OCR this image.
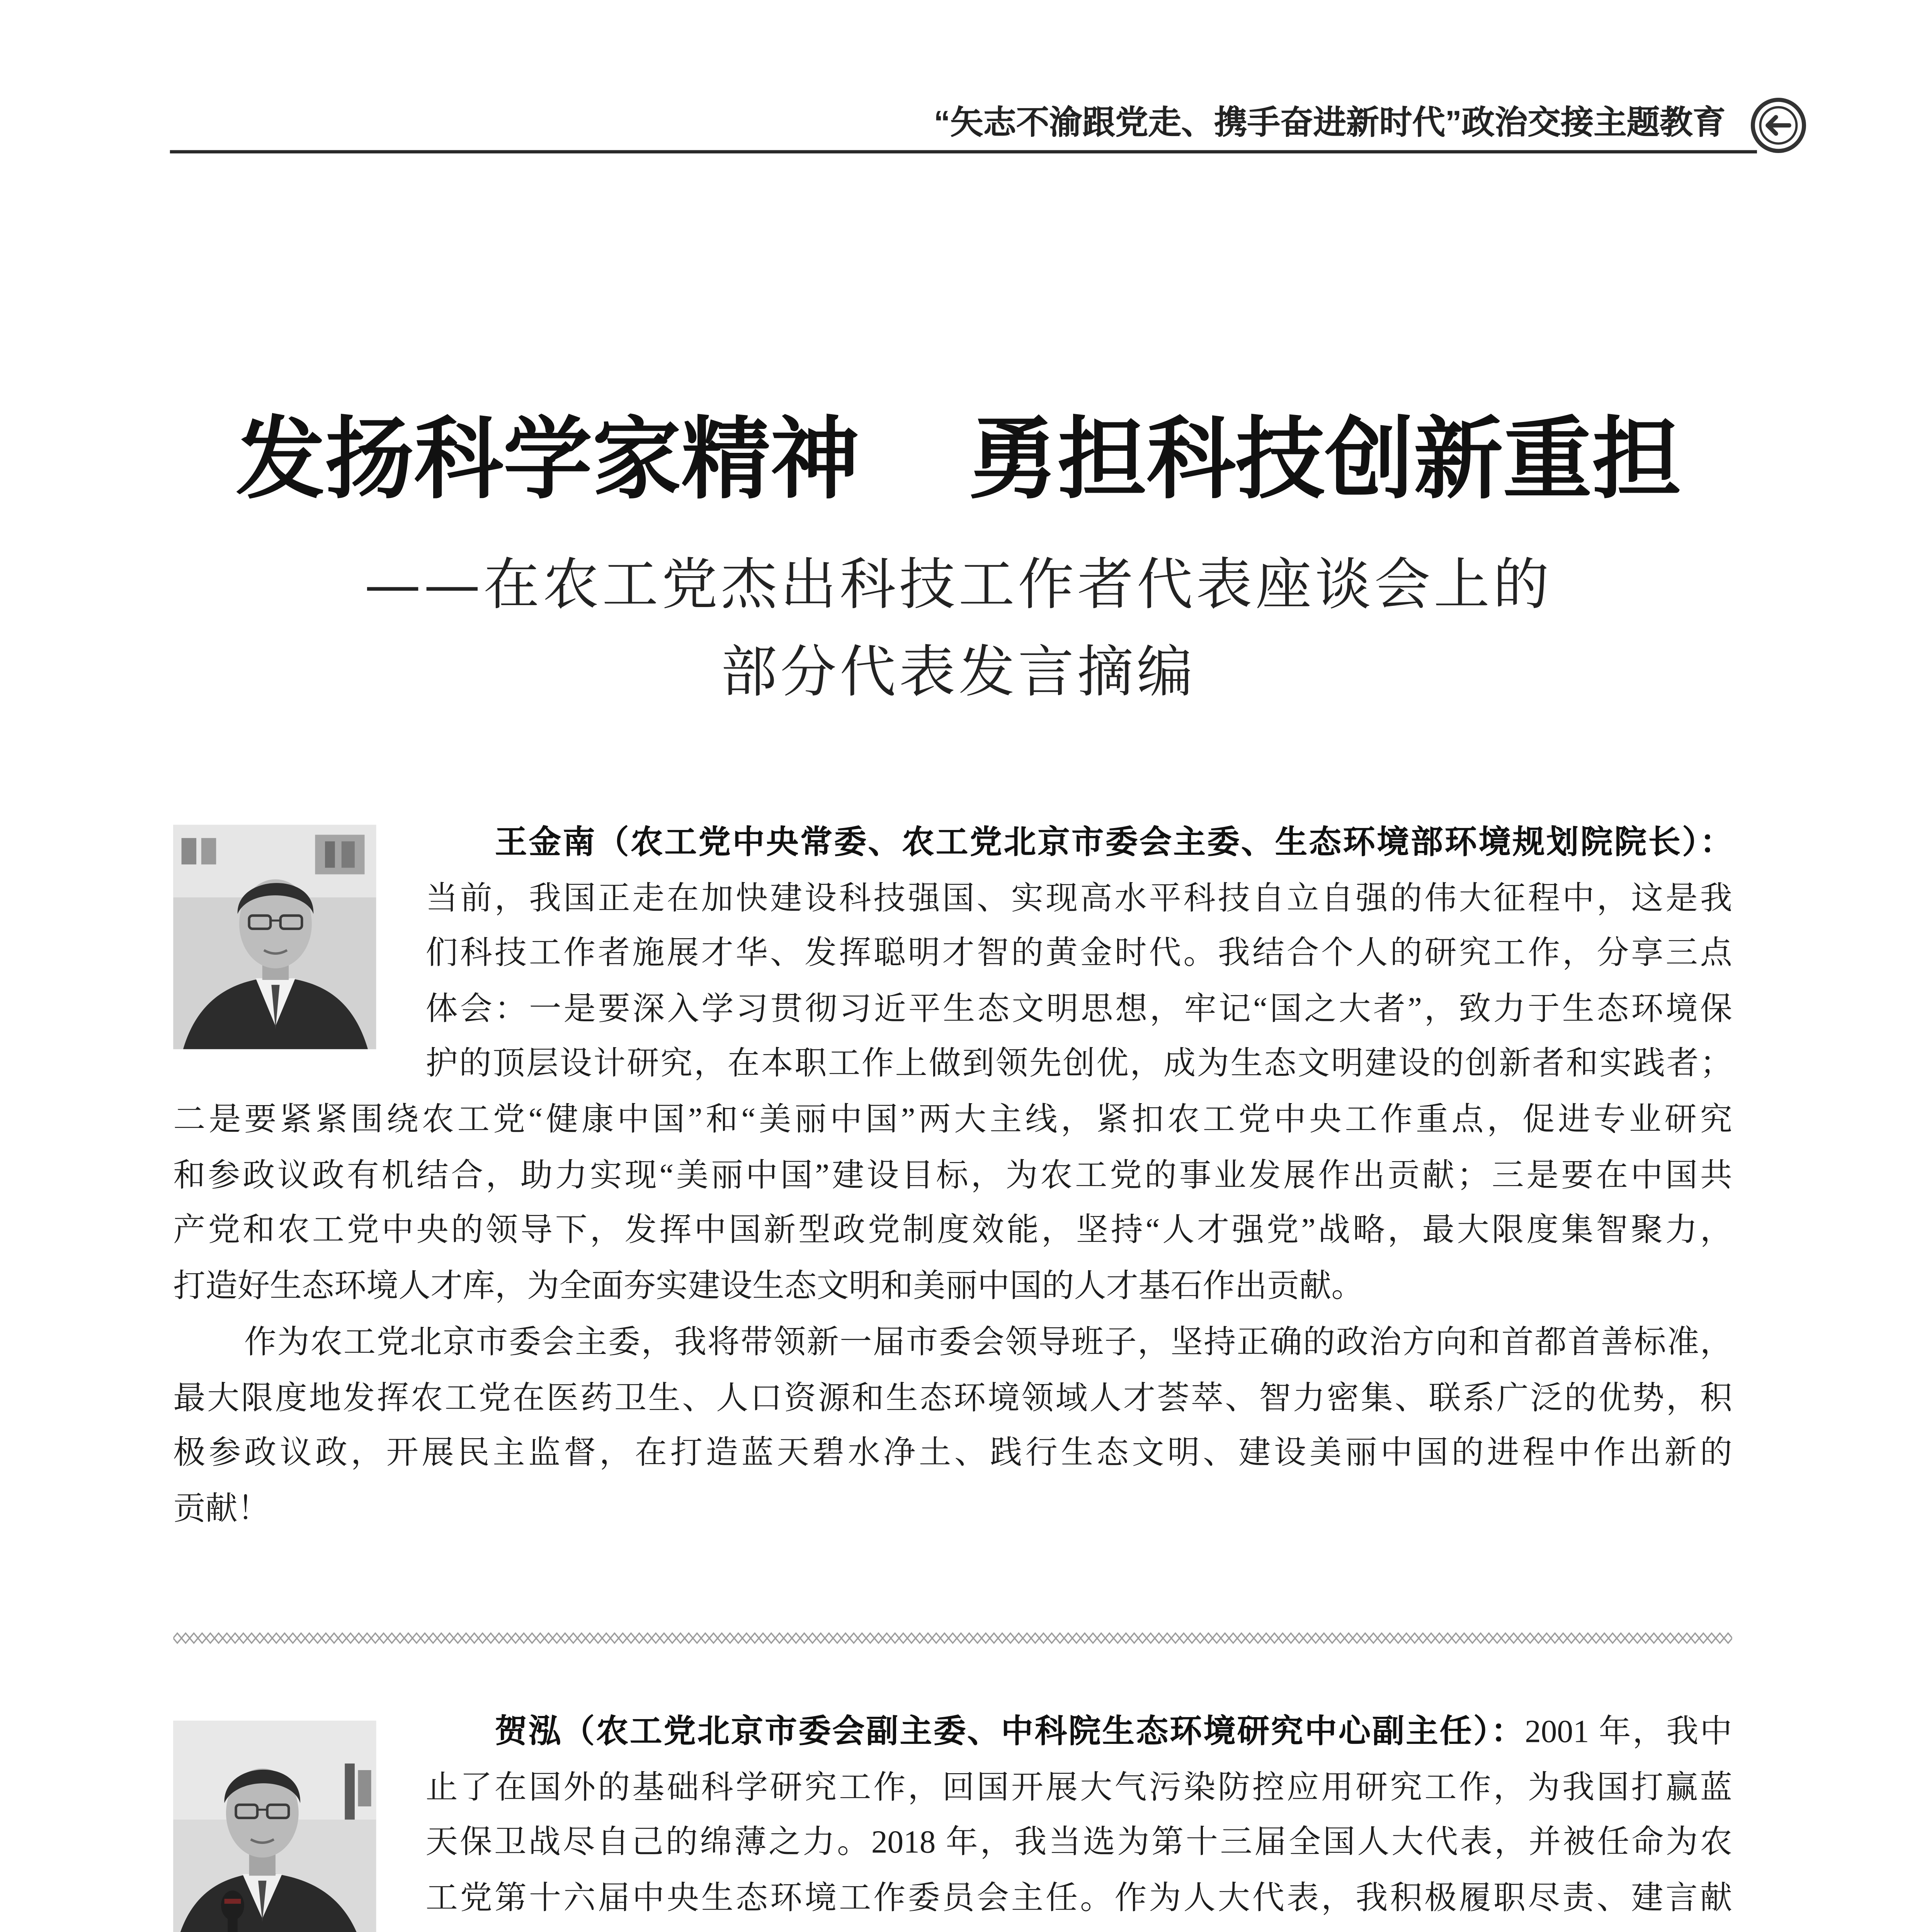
“矢志不渝跟党走、携手奋进新时代”政治交接主题教育
发扬科学家精神	勇担科技创新重担
——在农工党杰出科技工作者代表座谈会上的
部分代表发言摘编
王金南（农工党中央常委、农工党北京市委会主委、生态环境部环境规划院院长）：
当前，我国正走在加快建设科技强国、实现高水平科技自立自强的伟大征程中，这是我
们科技工作者施展才华、发挥聪明才智的黄金时代。我结合个人的研究工作，分享三点
体会：一是要深入学习贯彻习近平生态文明思想，牢记“国之大者”，致力于生态环境保
护的顶层设计研究，在本职工作上做到领先创优，成为生态文明建设的创新者和实践者；
二是要紧紧围绕农工党“健康中国”和“美丽中国”两大主线，紧扣农工党中央工作重点，促进专业研究
和参政议政有机结合，助力实现“美丽中国”建设目标，为农工党的事业发展作出贡献；三是要在中国共
产党和农工党中央的领导下，发挥中国新型政党制度效能，坚持“人才强党”战略，最大限度集智聚力，
打造好生态环境人才库，为全面夯实建设生态文明和美丽中国的人才基石作出贡献。
作为农工党北京市委会主委，我将带领新一届市委会领导班子，坚持正确的政治方向和首都首善标准，
最大限度地发挥农工党在医药卫生、人口资源和生态环境领域人才荟萃、智力密集、联系广泛的优势，积
极参政议政，开展民主监督，在打造蓝天碧水净土、践行生态文明、建设美丽中国的进程中作出新的
贡献！
贺泓（农工党北京市委会副主委、中科院生态环境研究中心副主任）：2001 年，我中
止了在国外的基础科学研究工作，回国开展大气污染防控应用研究工作，为我国打赢蓝
天保卫战尽自己的绵薄之力。2018 年，我当选为第十三届全国人大代表，并被任命为农
工党第十六届中央生态环境工作委员会主任。作为人大代表，我积极履职尽责、建言献
